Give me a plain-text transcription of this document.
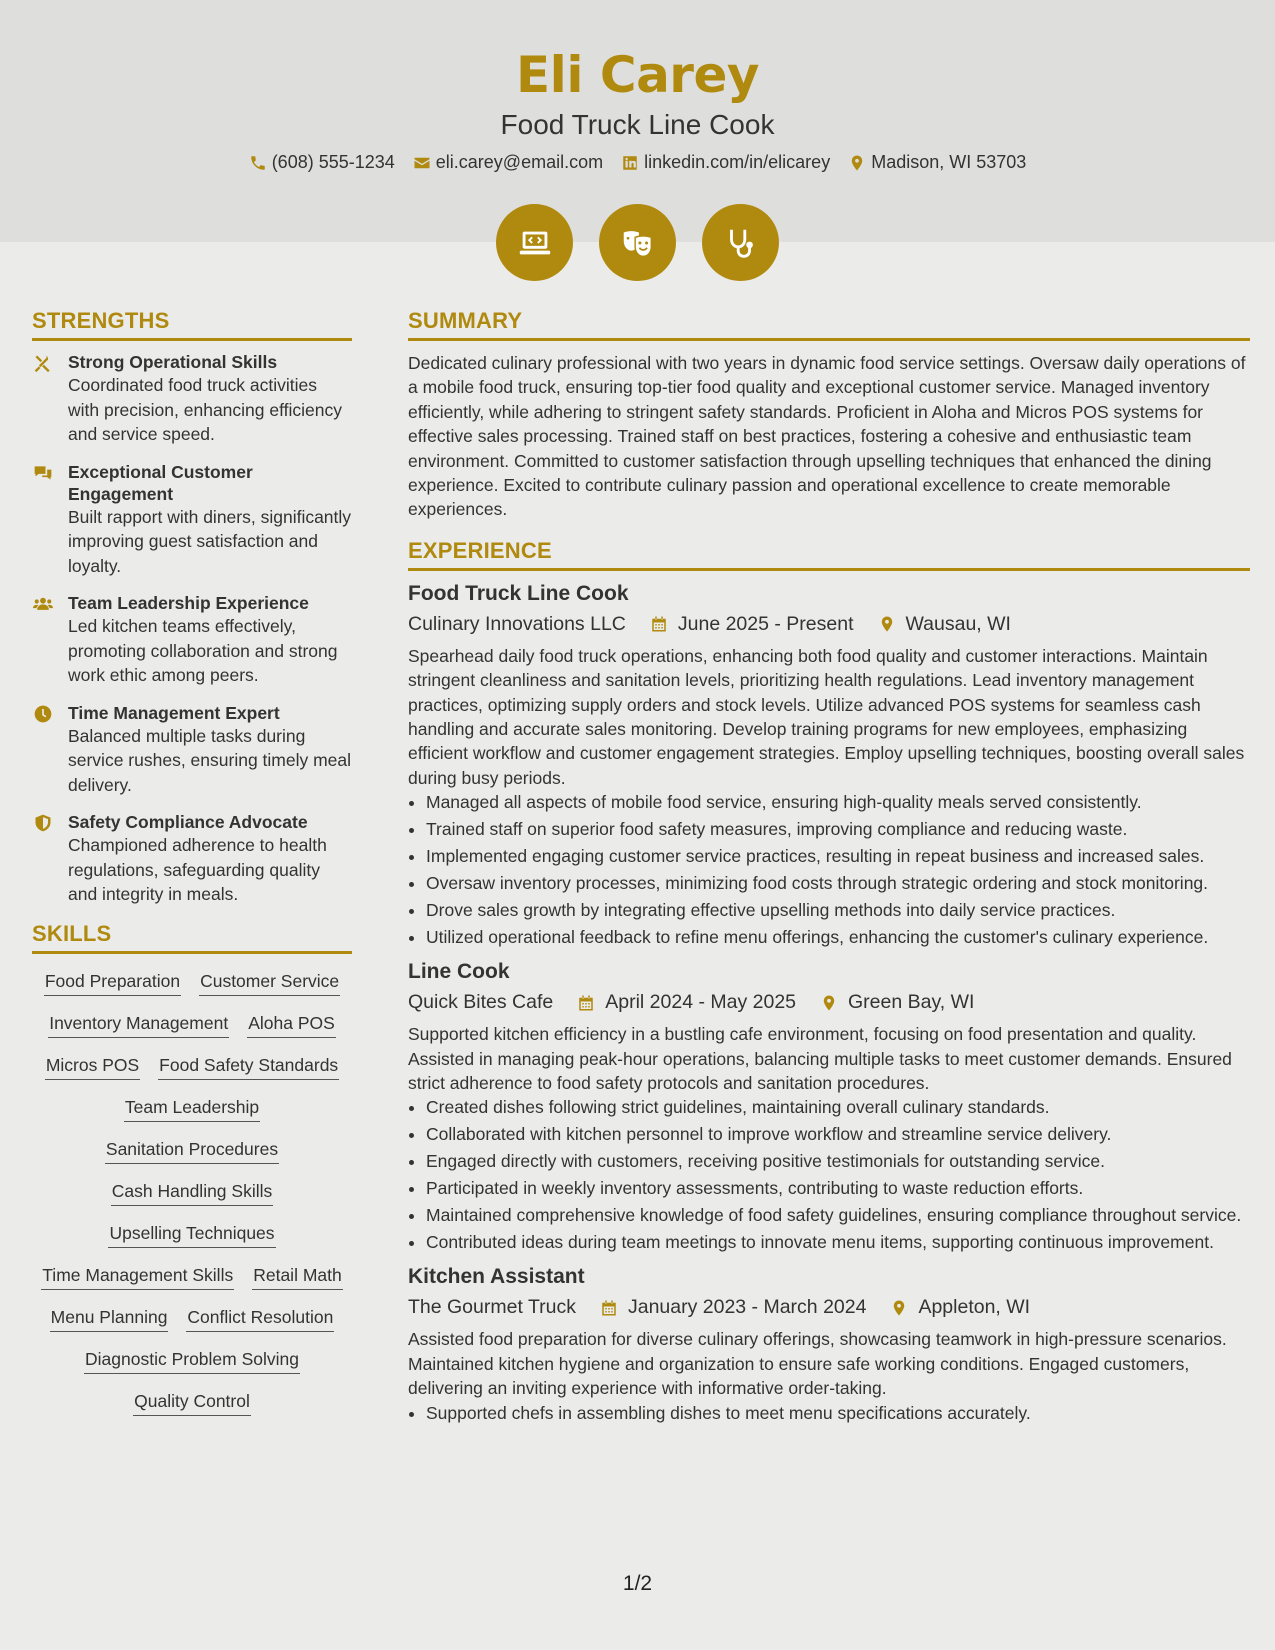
Eli Carey
Food Truck Line Cook
(608) 555-1234 eli.carey@email.com linkedin.com/in/elicarey Madison, WI 53703
STRENGTHS
Strong Operational Skills
Coordinated food truck activities with precision, enhancing efficiency and service speed.
Exceptional Customer Engagement
Built rapport with diners, significantly improving guest satisfaction and loyalty.
Team Leadership Experience
Led kitchen teams effectively, promoting collaboration and strong work ethic among peers.
Time Management Expert
Balanced multiple tasks during service rushes, ensuring timely meal delivery.
Safety Compliance Advocate
Championed adherence to health regulations, safeguarding quality and integrity in meals.
SKILLS
Food Preparation Customer Service
Inventory Management Aloha POS
Micros POS Food Safety Standards
Team Leadership
Sanitation Procedures
Cash Handling Skills
Upselling Techniques
Time Management Skills Retail Math
Menu Planning Conflict Resolution
Diagnostic Problem Solving
Quality Control
SUMMARY
Dedicated culinary professional with two years in dynamic food service settings. Oversaw daily operations of a mobile food truck, ensuring top-tier food quality and exceptional customer service. Managed inventory efficiently, while adhering to stringent safety standards. Proficient in Aloha and Micros POS systems for effective sales processing. Trained staff on best practices, fostering a cohesive and enthusiastic team environment. Committed to customer satisfaction through upselling techniques that enhanced the dining experience. Excited to contribute culinary passion and operational excellence to create memorable experiences.
EXPERIENCE
Food Truck Line Cook
Culinary Innovations LLC	June 2025 - Present	Wausau, WI
Spearhead daily food truck operations, enhancing both food quality and customer interactions. Maintain stringent cleanliness and sanitation levels, prioritizing health regulations. Lead inventory management practices, optimizing supply orders and stock levels. Utilize advanced POS systems for seamless cash handling and accurate sales monitoring. Develop training programs for new employees, emphasizing efficient workflow and customer engagement strategies. Employ upselling techniques, boosting overall sales during busy periods.
• Managed all aspects of mobile food service, ensuring high-quality meals served consistently.
• Trained staff on superior food safety measures, improving compliance and reducing waste.
• Implemented engaging customer service practices, resulting in repeat business and increased sales.
• Oversaw inventory processes, minimizing food costs through strategic ordering and stock monitoring.
• Drove sales growth by integrating effective upselling methods into daily service practices.
• Utilized operational feedback to refine menu offerings, enhancing the customer's culinary experience.
Line Cook
Quick Bites Cafe	April 2024 - May 2025	Green Bay, WI
Supported kitchen efficiency in a bustling cafe environment, focusing on food presentation and quality. Assisted in managing peak-hour operations, balancing multiple tasks to meet customer demands. Ensured strict adherence to food safety protocols and sanitation procedures.
• Created dishes following strict guidelines, maintaining overall culinary standards.
• Collaborated with kitchen personnel to improve workflow and streamline service delivery.
• Engaged directly with customers, receiving positive testimonials for outstanding service.
• Participated in weekly inventory assessments, contributing to waste reduction efforts.
• Maintained comprehensive knowledge of food safety guidelines, ensuring compliance throughout service.
• Contributed ideas during team meetings to innovate menu items, supporting continuous improvement.
Kitchen Assistant
The Gourmet Truck	January 2023 - March 2024	Appleton, WI
Assisted food preparation for diverse culinary offerings, showcasing teamwork in high-pressure scenarios. Maintained kitchen hygiene and organization to ensure safe working conditions. Engaged customers, delivering an inviting experience with informative order-taking.
• Supported chefs in assembling dishes to meet menu specifications accurately.
1/2
